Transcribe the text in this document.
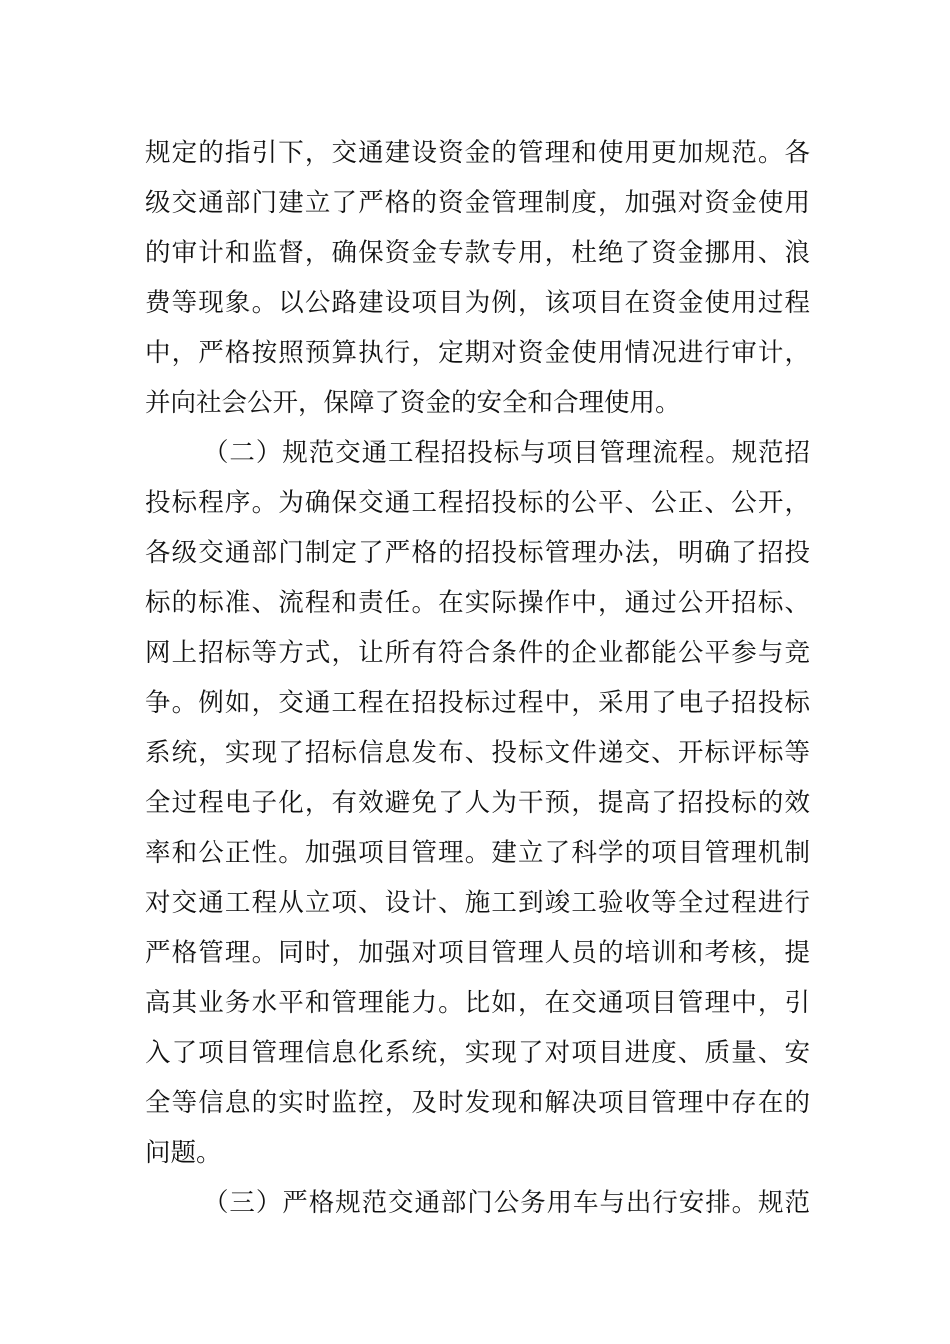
规定的指引下，交通建设资金的管理和使用更加规范。各
级交通部门建立了严格的资金管理制度，加强对资金使用
的审计和监督，确保资金专款专用，杜绝了资金挪用、浪
费等现象。以公路建设项目为例，该项目在资金使用过程
中，严格按照预算执行，定期对资金使用情况进行审计，
并向社会公开，保障了资金的安全和合理使用。
（二）规范交通工程招投标与项目管理流程。规范招
投标程序。为确保交通工程招投标的公平、公正、公开，
各级交通部门制定了严格的招投标管理办法，明确了招投
标的标准、流程和责任。在实际操作中，通过公开招标、
网上招标等方式，让所有符合条件的企业都能公平参与竞
争。例如，交通工程在招投标过程中，采用了电子招投标
系统，实现了招标信息发布、投标文件递交、开标评标等
全过程电子化，有效避免了人为干预，提高了招投标的效
率和公正性。加强项目管理。建立了科学的项目管理机制
对交通工程从立项、设计、施工到竣工验收等全过程进行
严格管理。同时，加强对项目管理人员的培训和考核，提
高其业务水平和管理能力。比如，在交通项目管理中，引
入了项目管理信息化系统，实现了对项目进度、质量、安
全等信息的实时监控，及时发现和解决项目管理中存在的
问题。
（三）严格规范交通部门公务用车与出行安排。规范
